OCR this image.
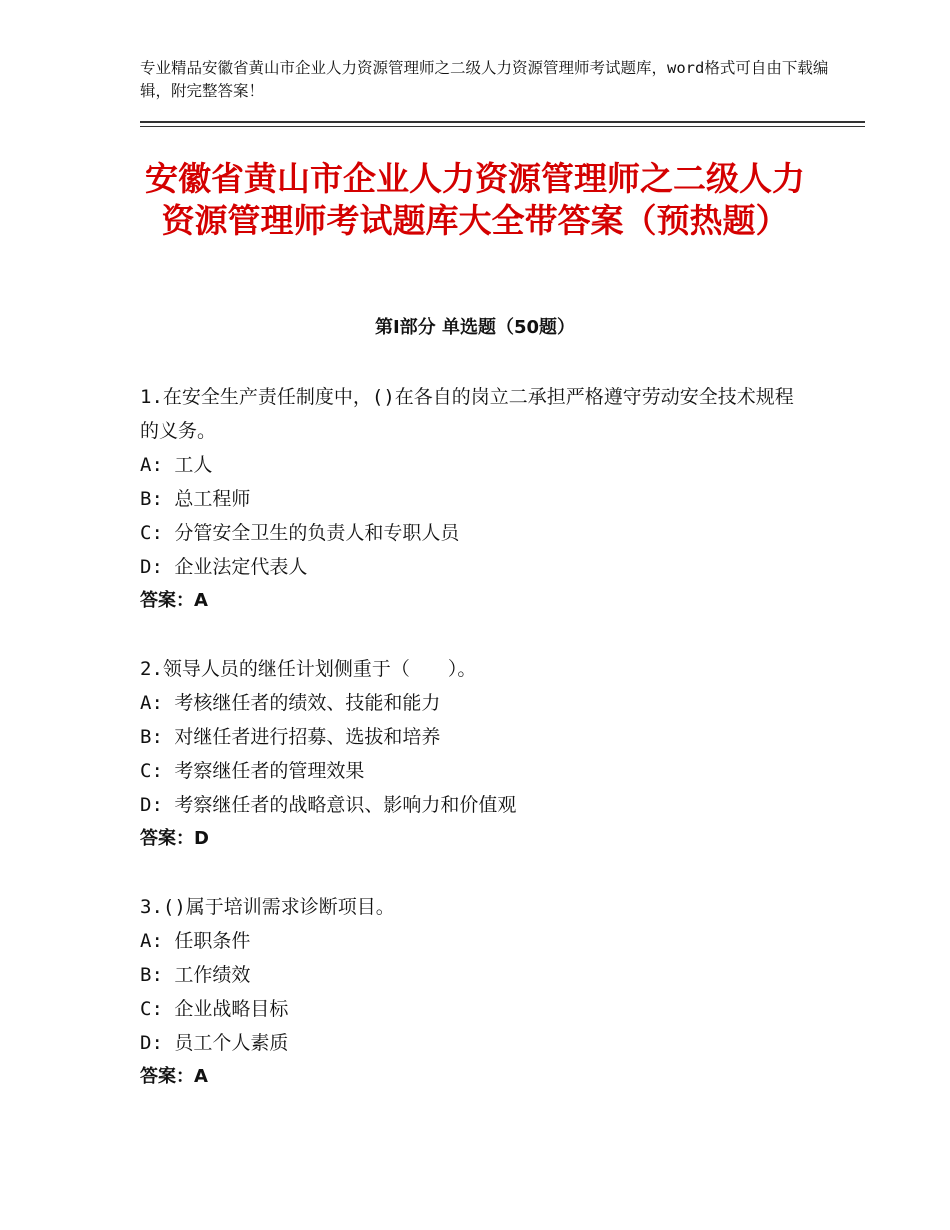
专业精品安徽省黄山市企业人力资源管理师之二级人力资源管理师考试题库，word格式可自由下载编辑，附完整答案！
安徽省黄山市企业人力资源管理师之二级人力资源管理师考试题库大全带答案（预热题）
第Ⅰ部分 单选题（50题）
1.在安全生产责任制度中，()在各自的岗立二承担严格遵守劳动安全技术规程的义务。
A: 工人
B: 总工程师
C: 分管安全卫生的负责人和专职人员
D: 企业法定代表人
答案：A
2.领导人员的继任计划侧重于（　　）。
A: 考核继任者的绩效、技能和能力
B: 对继任者进行招募、选拔和培养
C: 考察继任者的管理效果
D: 考察继任者的战略意识、影响力和价值观
答案：D
3.()属于培训需求诊断项目。
A: 任职条件
B: 工作绩效
C: 企业战略目标
D: 员工个人素质
答案：A
